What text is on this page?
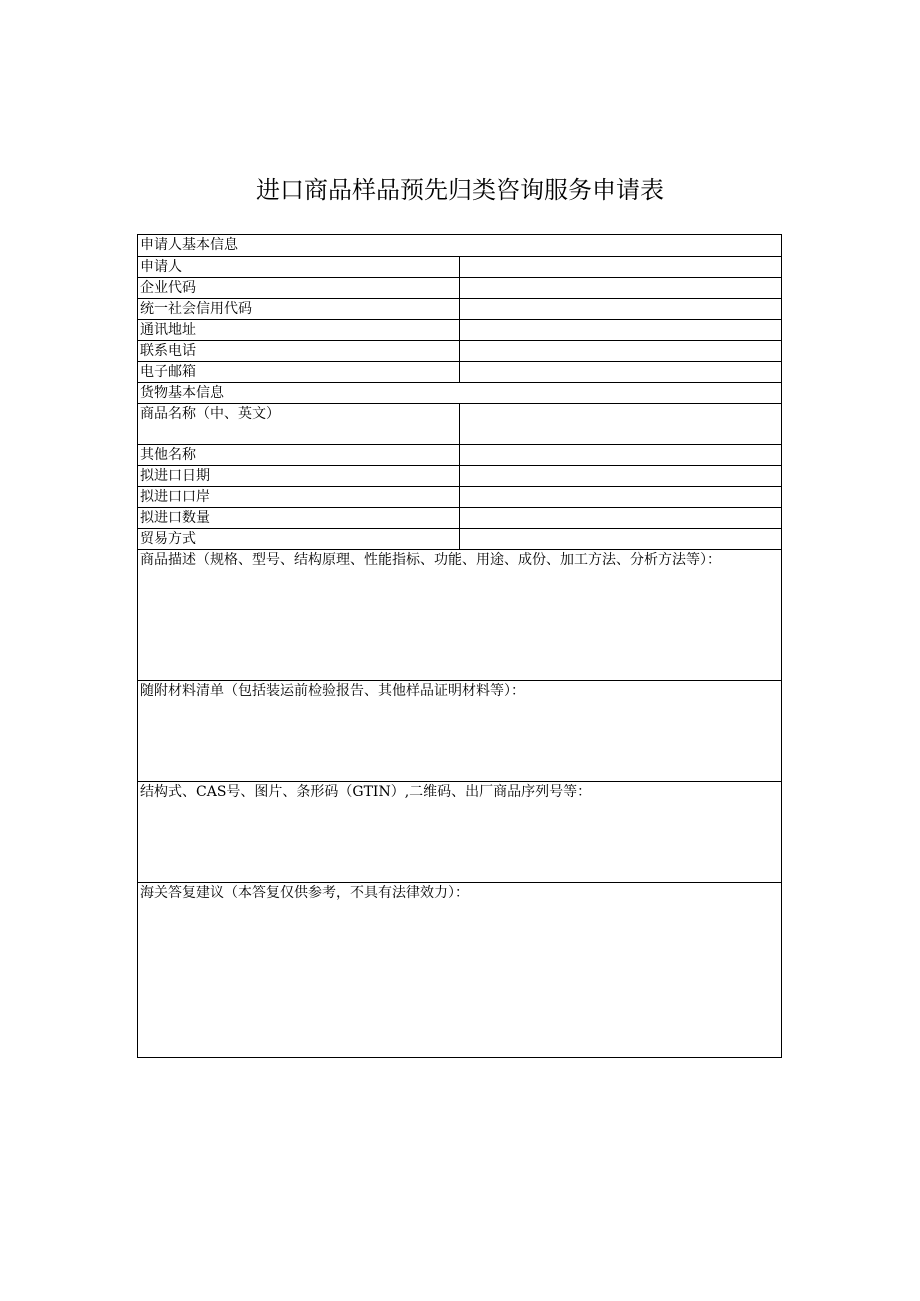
进口商品样品预先归类咨询服务申请表
申请人基本信息	
申请人	

企业代码	

统一社会信用代码	

通讯地址	

联系电话	

电子邮箱	

货物基本信息	
商品名称（中、英文）	

其他名称	

拟进口日期	

拟进口口岸	

拟进口数量	

贸易方式	

商品描述（规格、型号、结构原理、性能指标、功能、用途、成份、加工方法、分析方法等）：	

随附材料清单（包括装运前检验报告、其他样品证明材料等）：	

结构式、CAS号、图片、条形码（GTIN）,二维码、出厂商品序列号等：	

海关答复建议（本答复仅供参考，不具有法律效力）：	
